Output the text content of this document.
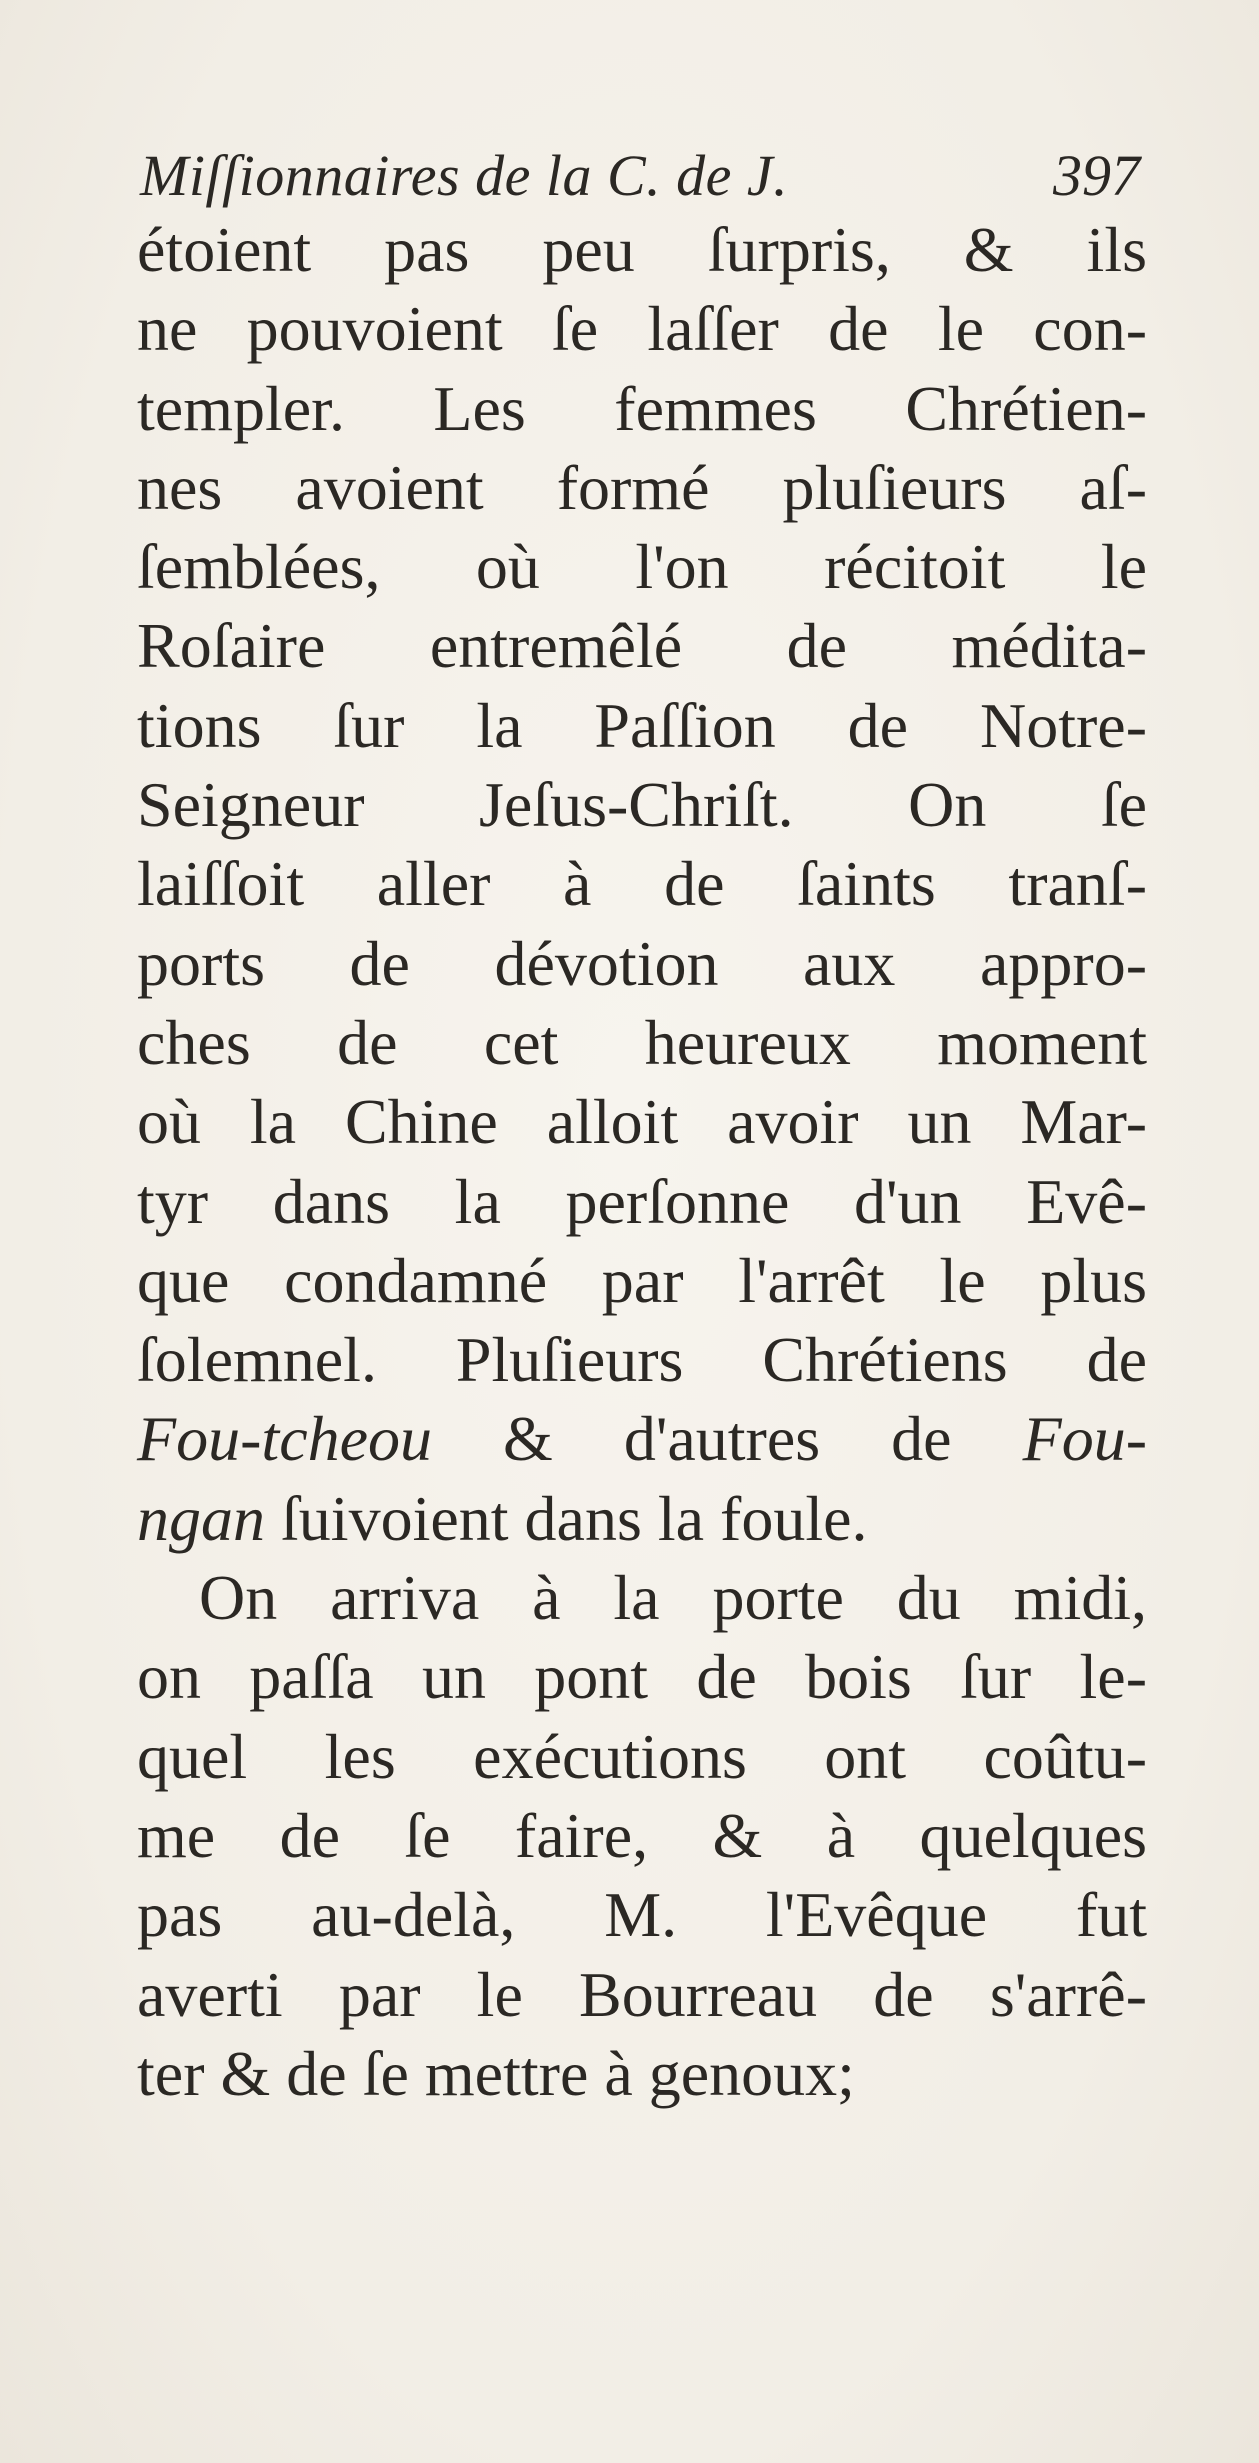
Miſſionnaires de la C. de J.	397
étoient pas peu ſurpris, & ils
ne pouvoient ſe laſſer de le con-
templer. Les femmes Chrétien-
nes avoient formé pluſieurs aſ-
ſemblées, où l'on récitoit le
Roſaire entremêlé de médita-
tions ſur la Paſſion de Notre-
Seigneur Jeſus-Chriſt. On ſe
laiſſoit aller à de ſaints tranſ-
ports de dévotion aux appro-
ches de cet heureux moment
où la Chine alloit avoir un Mar-
tyr dans la perſonne d'un Evê-
que condamné par l'arrêt le plus
ſolemnel. Pluſieurs Chrétiens de
Fou-tcheou & d'autres de Fou-
ngan ſuivoient dans la foule.
On arriva à la porte du midi,
on paſſa un pont de bois ſur le-
quel les exécutions ont coûtu-
me de ſe faire, & à quelques
pas au-delà, M. l'Evêque fut
averti par le Bourreau de s'arrê-
ter & de ſe mettre à genoux;
